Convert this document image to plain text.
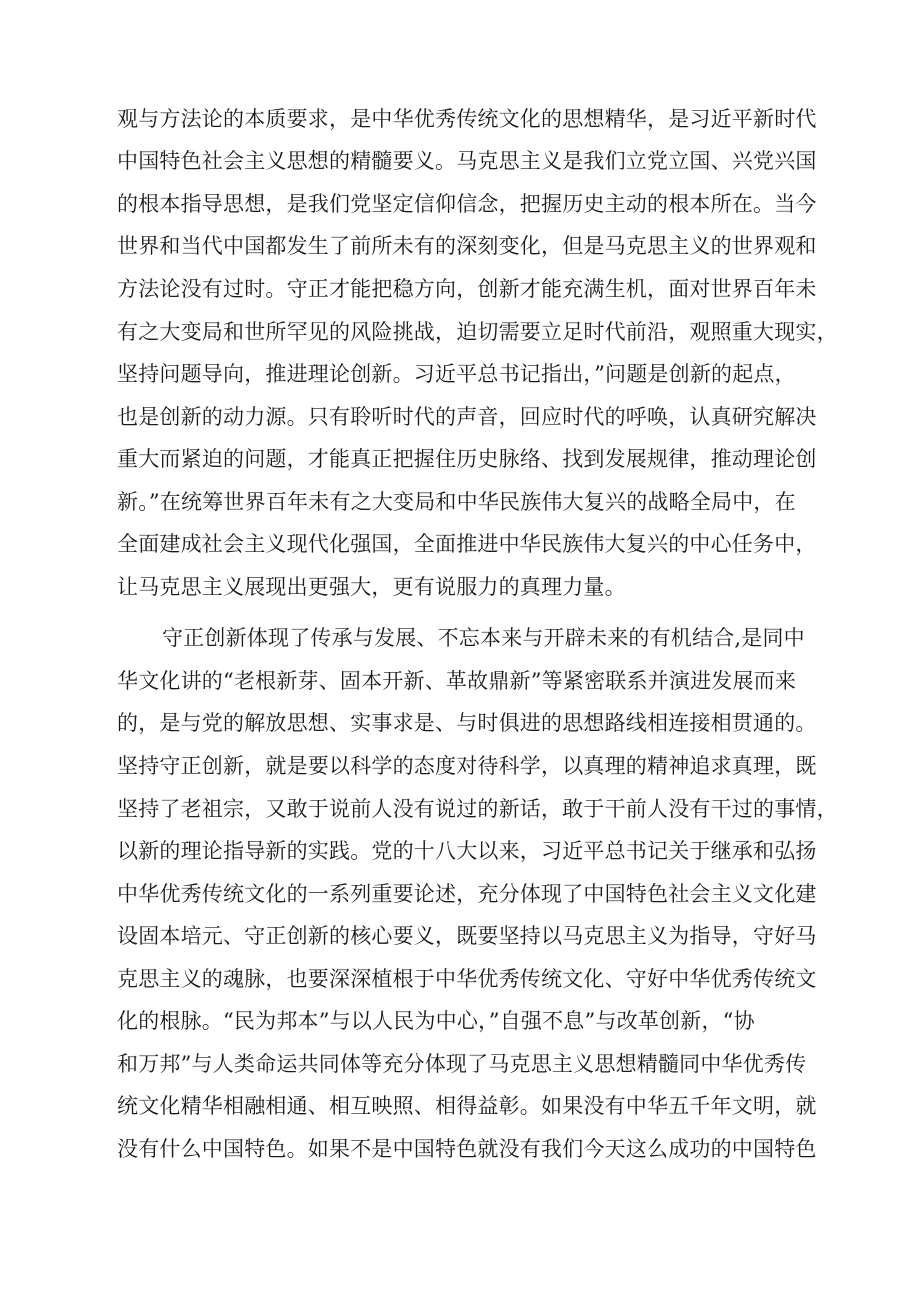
观与方法论的本质要求，是中华优秀传统文化的思想精华，是习近平新时代
中国特色社会主义思想的精髓要义。马克思主义是我们立党立国、兴党兴国
的根本指导思想，是我们党坚定信仰信念，把握历史主动的根本所在。当今
世界和当代中国都发生了前所未有的深刻变化，但是马克思主义的世界观和
方法论没有过时。守正才能把稳方向，创新才能充满生机，面对世界百年未
有之大变局和世所罕见的风险挑战，迫切需要立足时代前沿，观照重大现实，
坚持问题导向，推进理论创新。习近平总书记指出，”问题是创新的起点，
也是创新的动力源。只有聆听时代的声音，回应时代的呼唤，认真研究解决
重大而紧迫的问题，才能真正把握住历史脉络、找到发展规律，推动理论创
新。”在统筹世界百年未有之大变局和中华民族伟大复兴的战略全局中，在
全面建成社会主义现代化强国，全面推进中华民族伟大复兴的中心任务中，
让马克思主义展现出更强大，更有说服力的真理力量。
守正创新体现了传承与发展、不忘本来与开辟未来的有机结合,是同中
华文化讲的“老根新芽、固本开新、革故鼎新”等紧密联系并演进发展而来
的，是与党的解放思想、实事求是、与时俱进的思想路线相连接相贯通的。
坚持守正创新，就是要以科学的态度对待科学，以真理的精神追求真理，既
坚持了老祖宗，又敢于说前人没有说过的新话，敢于干前人没有干过的事情，
以新的理论指导新的实践。党的十八大以来，习近平总书记关于继承和弘扬
中华优秀传统文化的一系列重要论述，充分体现了中国特色社会主义文化建
设固本培元、守正创新的核心要义，既要坚持以马克思主义为指导，守好马
克思主义的魂脉，也要深深植根于中华优秀传统文化、守好中华优秀传统文
化的根脉。“民为邦本”与以人民为中心，”自强不息”与改革创新，“协
和万邦”与人类命运共同体等充分体现了马克思主义思想精髓同中华优秀传
统文化精华相融相通、相互映照、相得益彰。如果没有中华五千年文明，就
没有什么中国特色。如果不是中国特色就没有我们今天这么成功的中国特色
